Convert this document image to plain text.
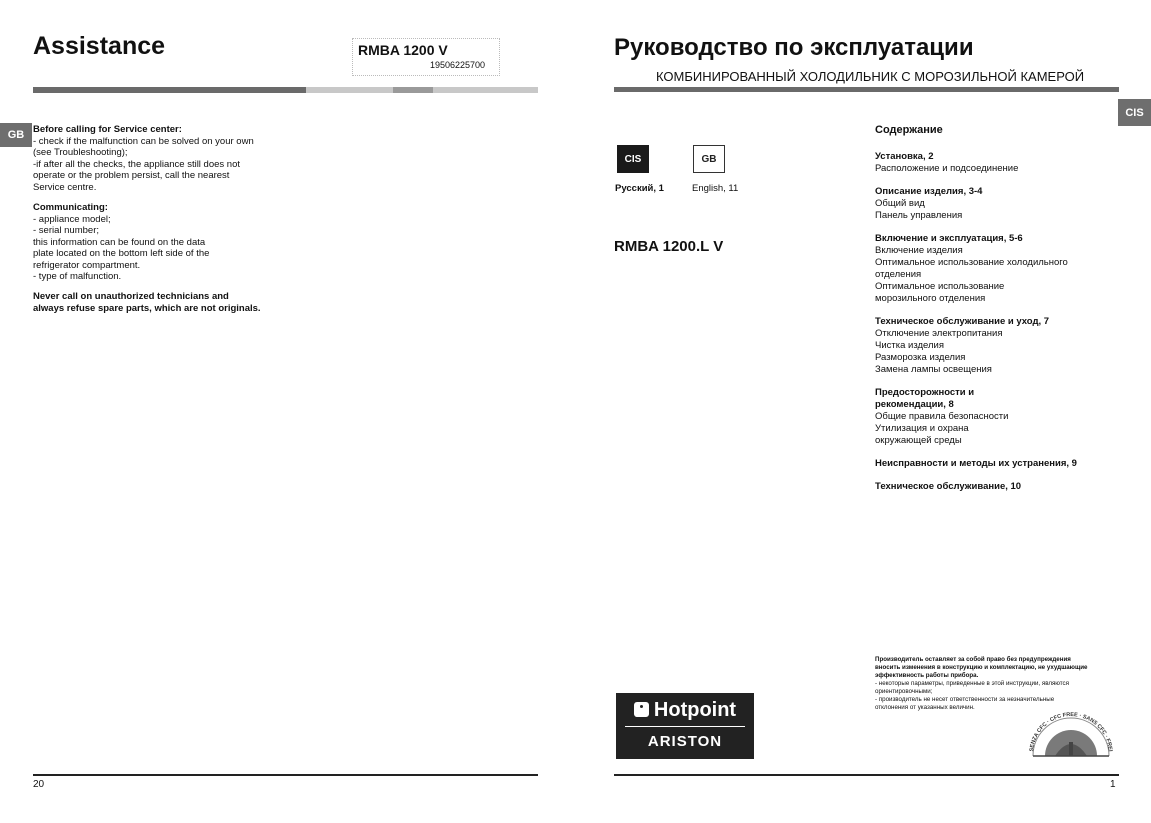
Assistance	RMBA 1200 V
19506225700
GB Before calling for Service center:
- check if the malfunction can be solved on your own
(see Troubleshooting);
-if after all the checks, the appliance still does not
operate or the problem persist, call the nearest
Service centre.
Communicating:
- appliance model;
- serial number;
this information can be found on the data
plate located on the bottom left side of the
refrigerator compartment.
- type of malfunction.
Never call on unauthorized technicians and
always refuse spare parts, which are not originals.
20
Руководство по эксплуатации
КОМБИНИРОВАННЫЙ ХОЛОДИЛЬНИК С МОРОЗИЛЬНОЙ КАМЕРОЙ
CIS
CIS	GB
Русский, 1	English, 11
RMBA 1200.L V
Содержание
Установка, 2
Расположение и подсоединение
Описание изделия, 3-4
Общий вид
Панель управления
Включение и эксплуатация, 5-6
Включение изделия
Оптимальное использование холодильного
отделения
Оптимальное использование
морозильного отделения
Техническое обслуживание и уход, 7
Отключение электропитания
Чистка изделия
Разморозка изделия
Замена лампы освещения
Предосторожности и
рекомендации, 8
Общие правила безопасности
Утилизация и охрана
окружающей среды
Неисправности и методы их устранения, 9
Техническое обслуживание, 10
Производитель оставляет за собой право без предупреждения
вносить изменения в конструкцию и комплектацию, не ухудшающие
эффективность работы прибора.
- некоторые параметры, приведенные в этой инструкции, являются
ориентировочными;
- производитель не несет ответственности за незначительные
отклонения от указанных величин.
Hotpoint
ARISTON	SENZA CFC · CFC FREE · SANS CFC · FREI
1
